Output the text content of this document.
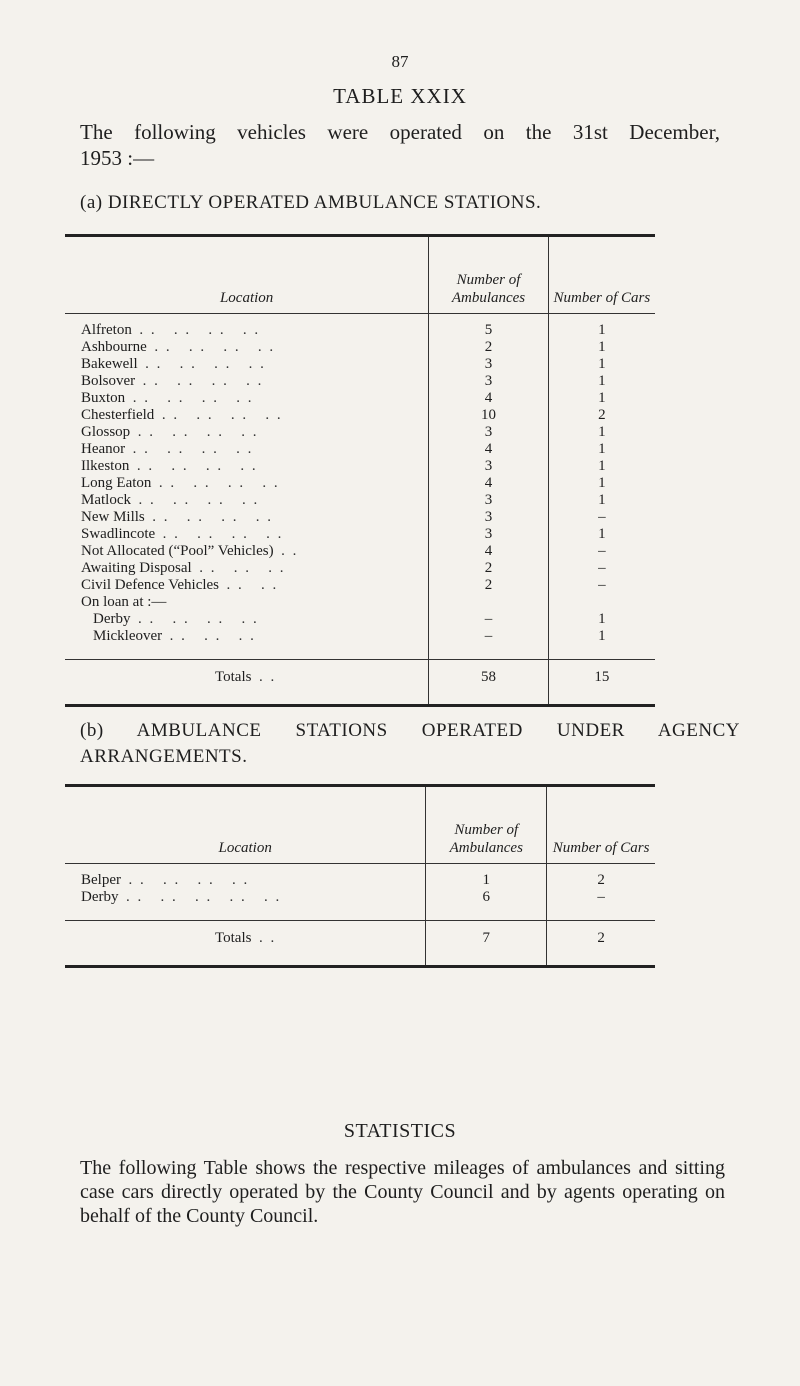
87
TABLE XXIX
The following vehicles were operated on the 31st December,
1953 :—
(a) DIRECTLY OPERATED AMBULANCE STATIONS.
Location	Number of Ambulances	Number of Cars
Alfreton . .   . .   . .   . .	5	1
Ashbourne . .   . .   . .   . .	2	1
Bakewell . .   . .   . .   . .	3	1
Bolsover . .   . .   . .   . .	3	1
Buxton . .   . .   . .   . .	4	1
Chesterfield . .   . .   . .   . .	10	2
Glossop . .   . .   . .   . .	3	1
Heanor . .   . .   . .   . .	4	1
Ilkeston . .   . .   . .   . .	3	1
Long Eaton . .   . .   . .   . .	4	1
Matlock . .   . .   . .   . .	3	1
New Mills . .   . .   . .   . .	3	–
Swadlincote . .   . .   . .   . .	3	1
Not Allocated (“Pool” Vehicles) . .	4	–
Awaiting Disposal . .   . .   . .	2	–
Civil Defence Vehicles . .   . .	2	–
On loan at :—		
Derby . .   . .   . .   . .	–	1
Mickleover . .   . .   . .	–	1
Totals . .	58	15
(b) AMBULANCE STATIONS OPERATED UNDER AGENCY ARRANGEMENTS.
Location	Number of Ambulances	Number of Cars
Belper . .   . .   . .   . .	1	2
Derby . .   . .   . .   . .   . .	6	–
Totals . .	7	2
STATISTICS
The following Table shows the respective mileages of ambulances and sitting case cars directly operated by the County Council and by agents operating on behalf of the County Council.
